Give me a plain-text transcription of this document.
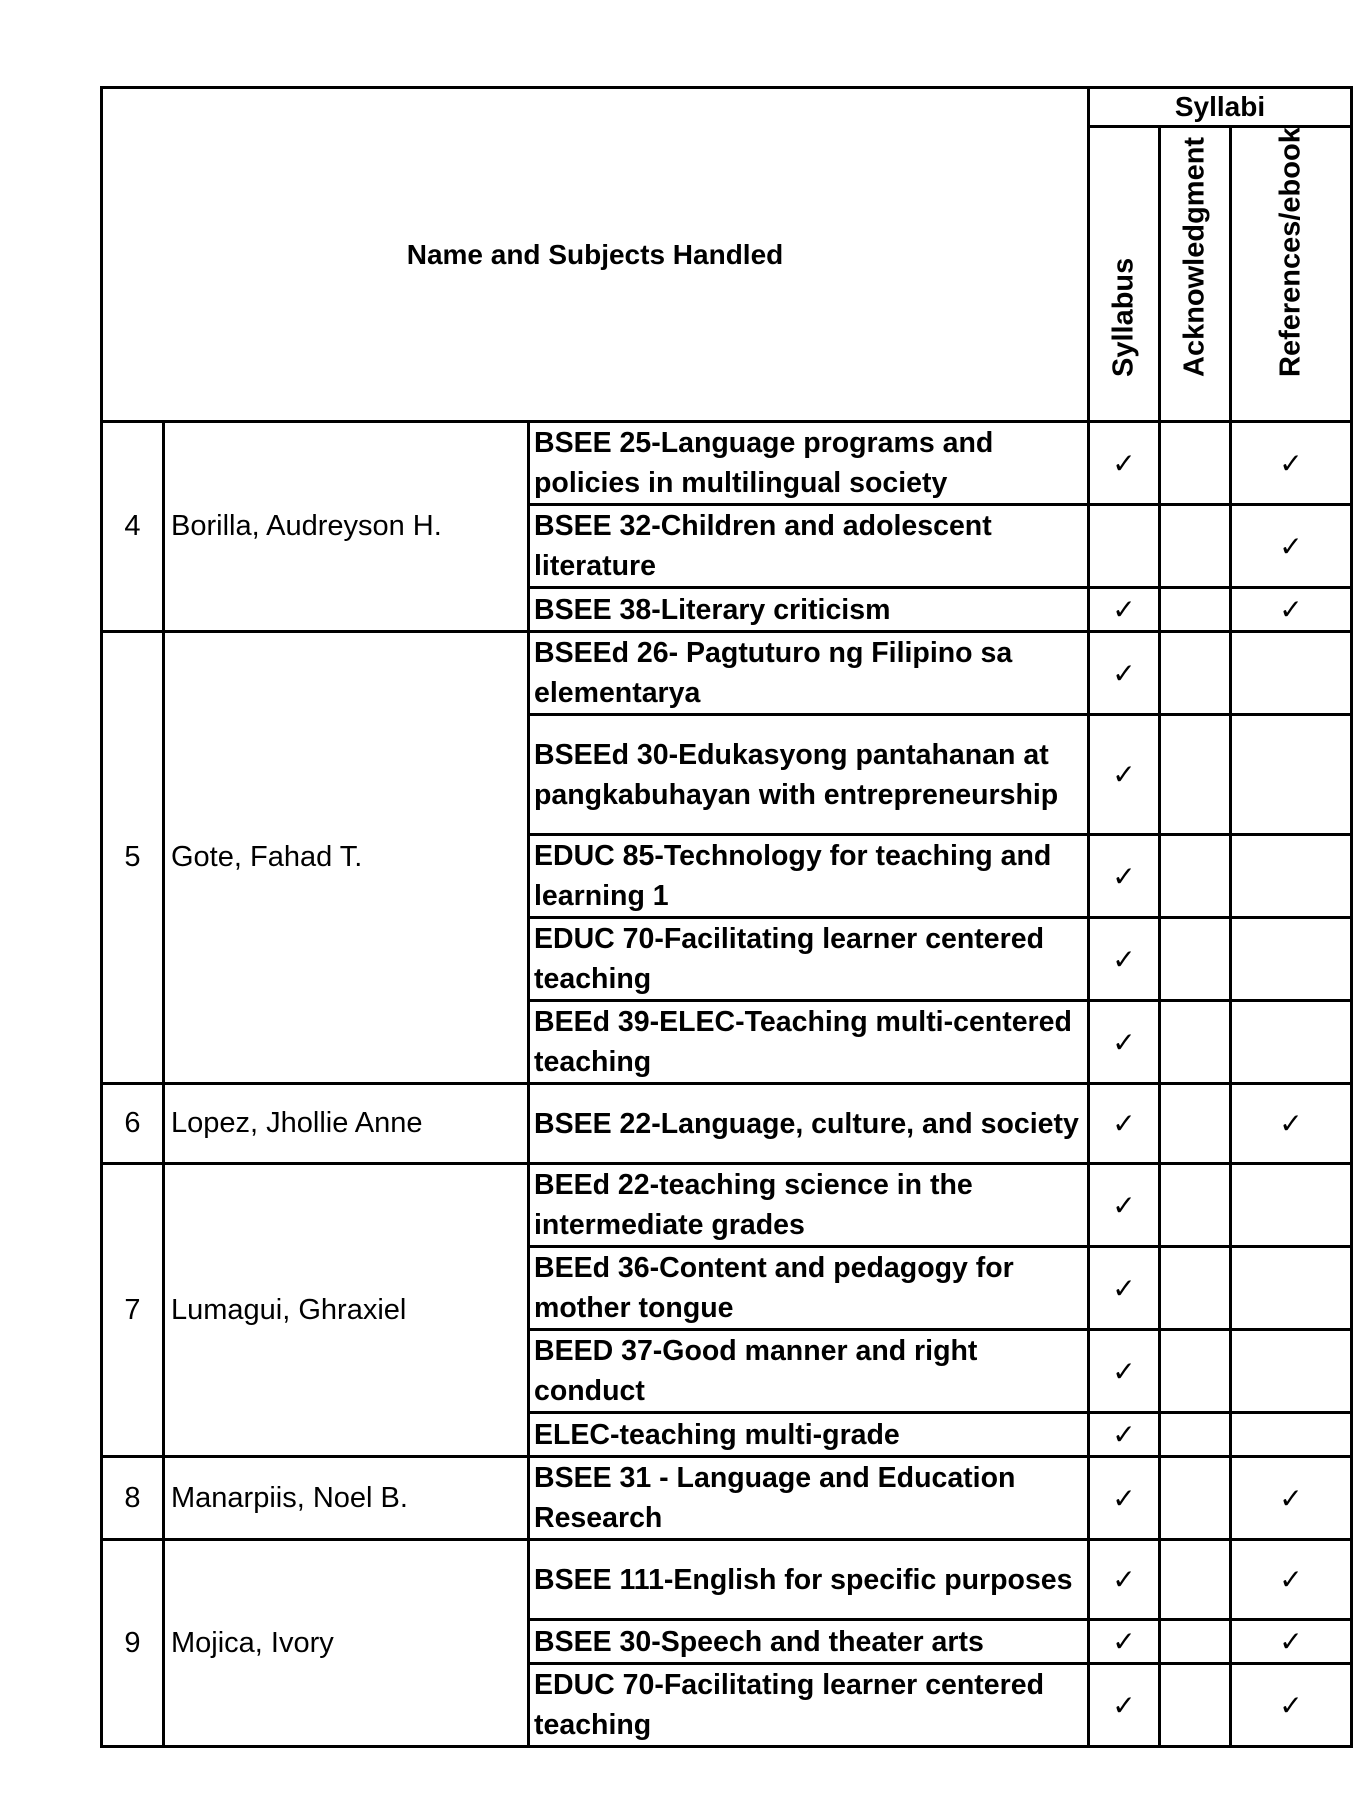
Name and Subjects Handled			Syllabi		

			Syllabus	Acknowledgment	References/ebook

4	Borilla, Audreyson H.	BSEE 25-Language programs and policies in multilingual society	✓		✓
		BSEE 32-Children and adolescent literature			✓
		BSEE 38-Literary criticism	✓		✓
5	Gote, Fahad T.	BSEEd 26- Pagtuturo ng Filipino sa elementarya	✓		
		BSEEd 30-Edukasyong pantahanan at pangkabuhayan with entrepreneurship	✓		
		EDUC 85-Technology for teaching and learning 1	✓		
		EDUC 70-Facilitating learner centered teaching	✓		
		BEEd 39-ELEC-Teaching multi-centered teaching	✓		
6	Lopez, Jhollie Anne	BSEE 22-Language, culture, and society	✓		✓
7	Lumagui, Ghraxiel	BEEd 22-teaching science in the intermediate grades	✓		
		BEEd 36-Content and pedagogy for mother tongue	✓		
		BEED 37-Good manner and right conduct	✓		
		ELEC-teaching multi-grade	✓		
8	Manarpiis, Noel B.	BSEE 31 - Language and Education Research	✓		✓
9	Mojica, Ivory	BSEE 111-English for specific purposes	✓		✓
		BSEE 30-Speech and theater arts	✓		✓
		EDUC 70-Facilitating learner centered teaching	✓		✓
